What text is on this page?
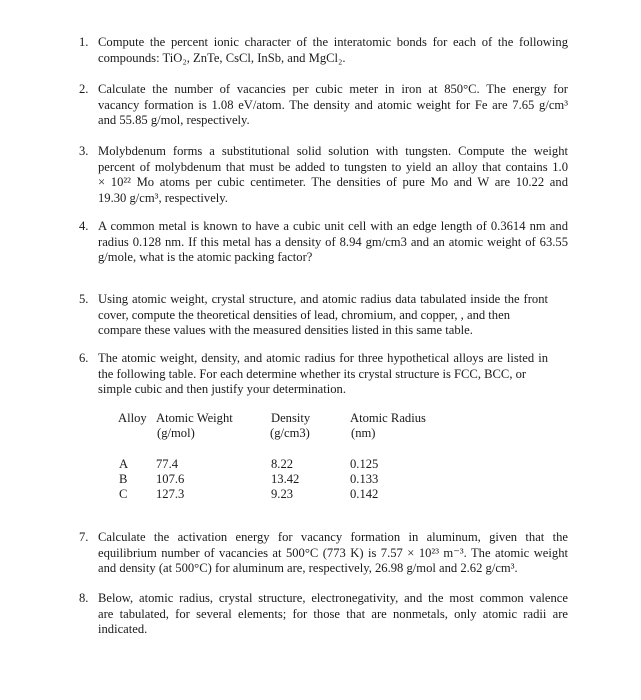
1. Compute the percent ionic character of the interatomic bonds for each of the following
compounds: TiO₂, ZnTe, CsCl, InSb, and MgCl₂.
2. Calculate the number of vacancies per cubic meter in iron at 850°C. The energy for
vacancy formation is 1.08 eV/atom. The density and atomic weight for Fe are 7.65 g/cm³
and 55.85 g/mol, respectively.
3. Molybdenum forms a substitutional solid solution with tungsten. Compute the weight
percent of molybdenum that must be added to tungsten to yield an alloy that contains 1.0
× 10²² Mo atoms per cubic centimeter. The densities of pure Mo and W are 10.22 and
19.30 g/cm³, respectively.
4. A common metal is known to have a cubic unit cell with an edge length of 0.3614 nm and
radius 0.128 nm. If this metal has a density of 8.94 gm/cm3 and an atomic weight of 63.55
g/mole, what is the atomic packing factor?
5. Using atomic weight, crystal structure, and atomic radius data tabulated inside the front
cover, compute the theoretical densities of lead, chromium, and copper, , and then
compare these values with the measured densities listed in this same table.
6. The atomic weight, density, and atomic radius for three hypothetical alloys are listed in
the following table. For each determine whether its crystal structure is FCC, BCC, or
simple cubic and then justify your determination.
Alloy Atomic Weight	Density	Atomic Radius
(g/mol)	(g/cm3)	(nm)
A 77.4	8.22	0.125
B 107.6	13.42	0.133
C 127.3	9.23	0.142
7. Calculate the activation energy for vacancy formation in aluminum, given that the
equilibrium number of vacancies at 500°C (773 K) is 7.57 × 10²³ m⁻³. The atomic weight
and density (at 500°C) for aluminum are, respectively, 26.98 g/mol and 2.62 g/cm³.
8. Below, atomic radius, crystal structure, electronegativity, and the most common valence
are tabulated, for several elements; for those that are nonmetals, only atomic radii are
indicated.
